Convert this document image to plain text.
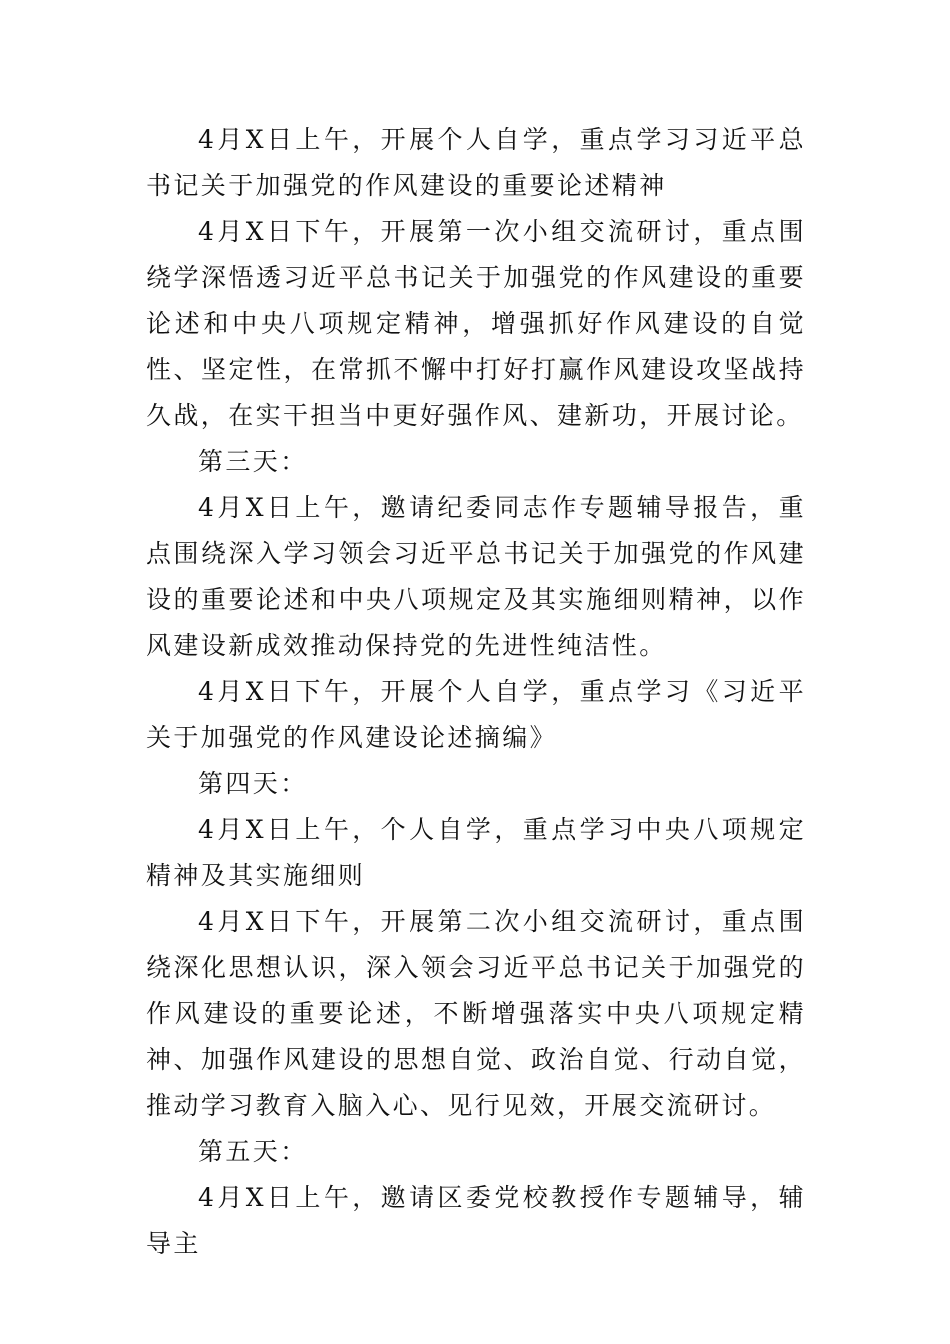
4月X日上午，开展个人自学，重点学习习近平总书记关于加强党的作风建设的重要论述精神

4月X日下午，开展第一次小组交流研讨，重点围绕学深悟透习近平总书记关于加强党的作风建设的重要论述和中央八项规定精神，增强抓好作风建设的自觉性、坚定性，在常抓不懈中打好打赢作风建设攻坚战持久战，在实干担当中更好强作风、建新功，开展讨论。

第三天：

4月X日上午，邀请纪委同志作专题辅导报告，重点围绕深入学习领会习近平总书记关于加强党的作风建设的重要论述和中央八项规定及其实施细则精神，以作风建设新成效推动保持党的先进性纯洁性。

4月X日下午，开展个人自学，重点学习《习近平关于加强党的作风建设论述摘编》

第四天：

4月X日上午，个人自学，重点学习中央八项规定精神及其实施细则

4月X日下午，开展第二次小组交流研讨，重点围绕深化思想认识，深入领会习近平总书记关于加强党的作风建设的重要论述，不断增强落实中央八项规定精神、加强作风建设的思想自觉、政治自觉、行动自觉，推动学习教育入脑入心、见行见效，开展交流研讨。

第五天：

4月X日上午，邀请区委党校教授作专题辅导，辅导主
